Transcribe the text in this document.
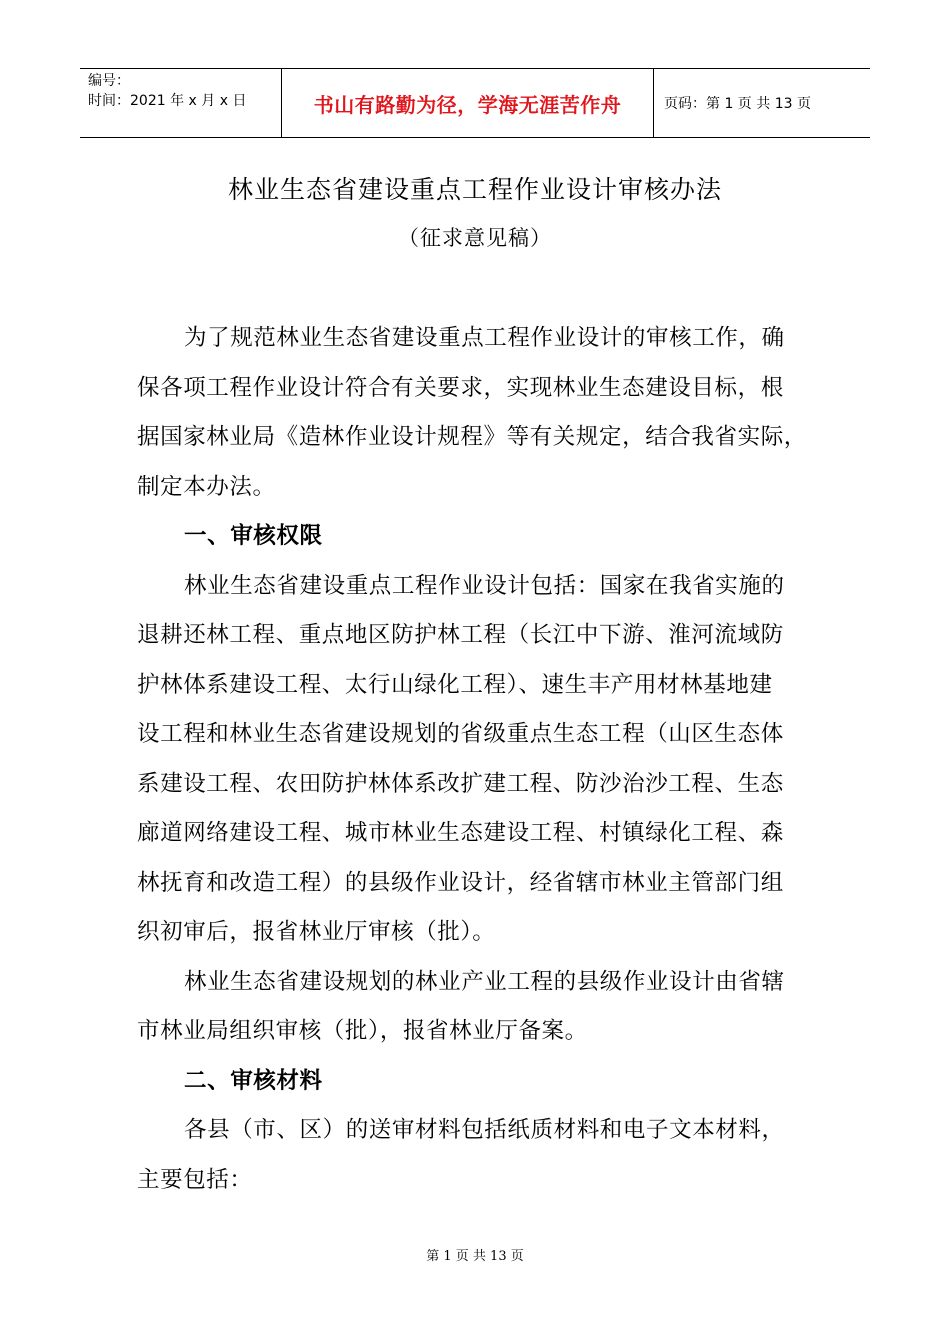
编号：
时间：2021 年 x 月 x 日	书山有路勤为径，学海无涯苦作舟	页码：第 1 页 共 13 页
林业生态省建设重点工程作业设计审核办法
（征求意见稿）
为了规范林业生态省建设重点工程作业设计的审核工作，确
保各项工程作业设计符合有关要求，实现林业生态建设目标，根
据国家林业局《造林作业设计规程》等有关规定，结合我省实际，
制定本办法。
一、审核权限
林业生态省建设重点工程作业设计包括：国家在我省实施的
退耕还林工程、重点地区防护林工程（长江中下游、淮河流域防
护林体系建设工程、太行山绿化工程）、速生丰产用材林基地建
设工程和林业生态省建设规划的省级重点生态工程（山区生态体
系建设工程、农田防护林体系改扩建工程、防沙治沙工程、生态
廊道网络建设工程、城市林业生态建设工程、村镇绿化工程、森
林抚育和改造工程）的县级作业设计，经省辖市林业主管部门组
织初审后，报省林业厅审核（批）。
林业生态省建设规划的林业产业工程的县级作业设计由省辖
市林业局组织审核（批），报省林业厅备案。
二、审核材料
各县（市、区）的送审材料包括纸质材料和电子文本材料，
主要包括：
第 1 页 共 13 页
